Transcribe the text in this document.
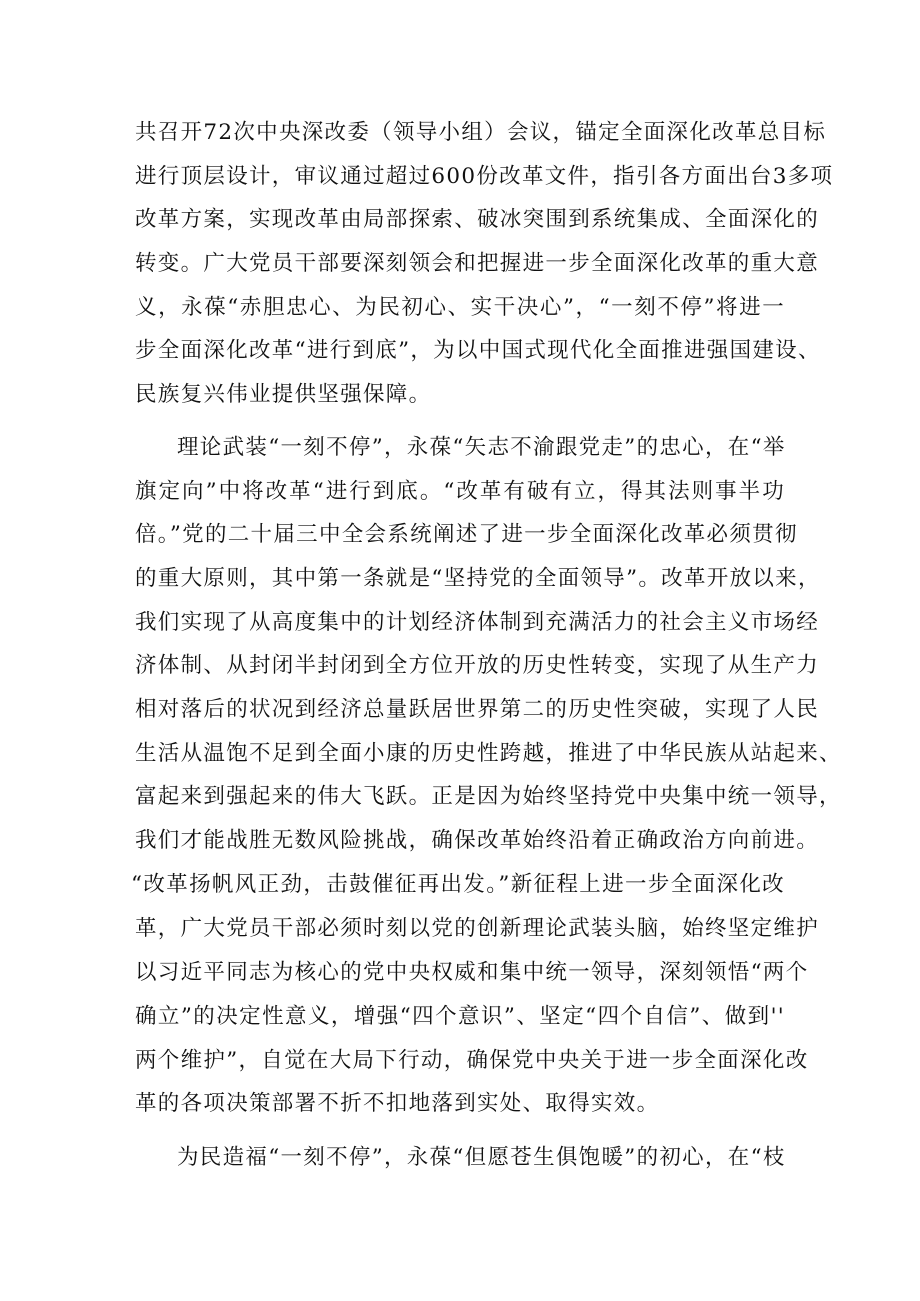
共召开72次中央深改委（领导小组）会议，锚定全面深化改革总目标
进行顶层设计，审议通过超过600份改革文件，指引各方面出台3多项
改革方案，实现改革由局部探索、破冰突围到系统集成、全面深化的
转变。广大党员干部要深刻领会和把握进一步全面深化改革的重大意
义，永葆“赤胆忠心、为民初心、实干决心”，“一刻不停”将进一
步全面深化改革“进行到底”，为以中国式现代化全面推进强国建设、
民族复兴伟业提供坚强保障。
理论武装“一刻不停”，永葆“矢志不渝跟党走”的忠心，在“举
旗定向”中将改革“进行到底。“改革有破有立，得其法则事半功
倍。”党的二十届三中全会系统阐述了进一步全面深化改革必须贯彻
的重大原则，其中第一条就是“坚持党的全面领导”。改革开放以来，
我们实现了从高度集中的计划经济体制到充满活力的社会主义市场经
济体制、从封闭半封闭到全方位开放的历史性转变，实现了从生产力
相对落后的状况到经济总量跃居世界第二的历史性突破，实现了人民
生活从温饱不足到全面小康的历史性跨越，推进了中华民族从站起来、
富起来到强起来的伟大飞跃。正是因为始终坚持党中央集中统一领导，
我们才能战胜无数风险挑战，确保改革始终沿着正确政治方向前进。
“改革扬帆风正劲，击鼓催征再出发。”新征程上进一步全面深化改
革，广大党员干部必须时刻以党的创新理论武装头脑，始终坚定维护
以习近平同志为核心的党中央权威和集中统一领导，深刻领悟“两个
确立”的决定性意义，增强“四个意识”、坚定“四个自信”、做到''
两个维护”，自觉在大局下行动，确保党中央关于进一步全面深化改
革的各项决策部署不折不扣地落到实处、取得实效。
为民造福“一刻不停”，永葆“但愿苍生俱饱暖”的初心，在“枝
